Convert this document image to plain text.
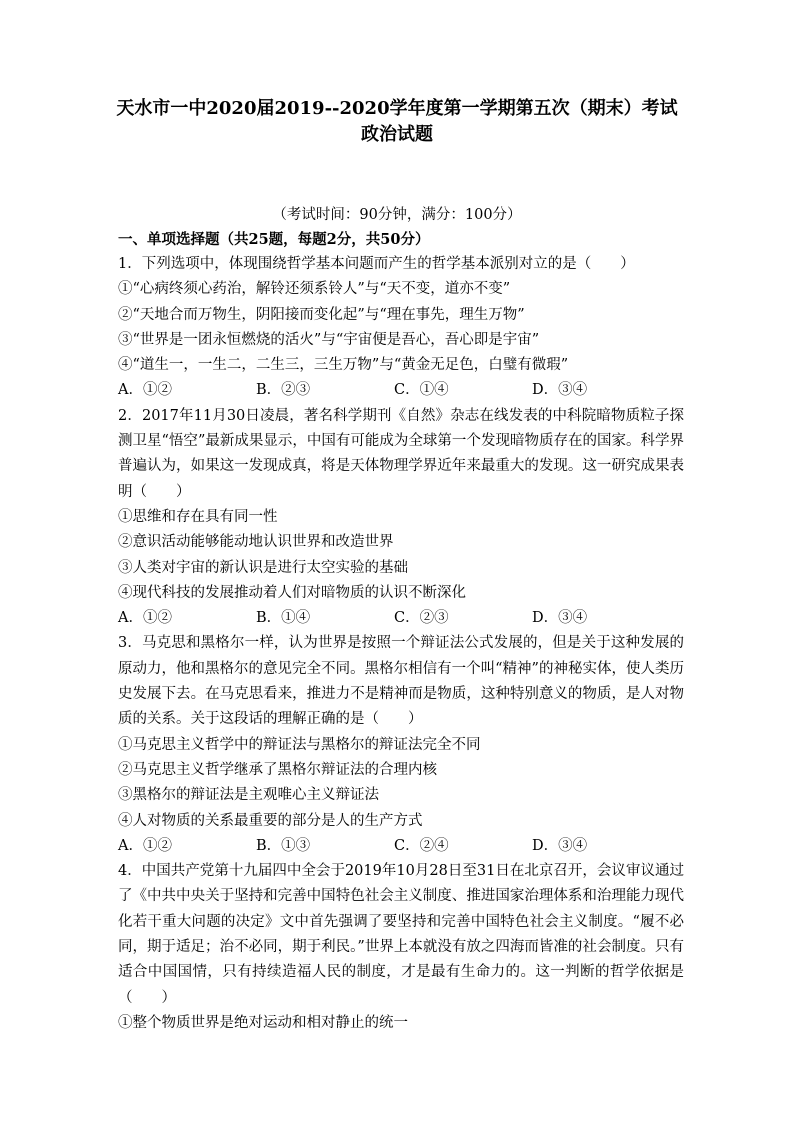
天水市一中2020届2019--2020学年度第一学期第五次（期末）考试
政治试题
（考试时间：90分钟，满分：100分）
一、单项选择题（共25题，每题2分，共50分）
1．下列选项中，体现围绕哲学基本问题而产生的哲学基本派别对立的是（　　）
①“心病终须心药治，解铃还须系铃人”与“天不变，道亦不变”
②“天地合而万物生，阴阳接而变化起”与“理在事先，理生万物”
③“世界是一团永恒燃烧的活火”与“宇宙便是吾心，吾心即是宇宙”
④“道生一，一生二，二生三，三生万物”与“黄金无足色，白璧有微瑕”
A．①②	B．②③	C．①④	D．③④
2．2017年11月30日凌晨，著名科学期刊《自然》杂志在线发表的中科院暗物质粒子探测卫星“悟空”最新成果显示，中国有可能成为全球第一个发现暗物质存在的国家。科学界普遍认为，如果这一发现成真，将是天体物理学界近年来最重大的发现。这一研究成果表明（　　）
①思维和存在具有同一性
②意识活动能够能动地认识世界和改造世界
③人类对宇宙的新认识是进行太空实验的基础
④现代科技的发展推动着人们对暗物质的认识不断深化
A．①②	B．①④	C．②③	D．③④
3．马克思和黑格尔一样，认为世界是按照一个辩证法公式发展的，但是关于这种发展的原动力，他和黑格尔的意见完全不同。黑格尔相信有一个叫“精神”的神秘实体，使人类历史发展下去。在马克思看来，推进力不是精神而是物质，这种特别意义的物质，是人对物质的关系。关于这段话的理解正确的是（　　）
①马克思主义哲学中的辩证法与黑格尔的辩证法完全不同
②马克思主义哲学继承了黑格尔辩证法的合理内核
③黑格尔的辩证法是主观唯心主义辩证法
④人对物质的关系最重要的部分是人的生产方式
A．①②	B．①③	C．②④	D．③④
4．中国共产党第十九届四中全会于2019年10月28日至31日在北京召开，会议审议通过了《中共中央关于坚持和完善中国特色社会主义制度、推进国家治理体系和治理能力现代化若干重大问题的决定》文中首先强调了要坚持和完善中国特色社会主义制度。“履不必同，期于适足；治不必同，期于利民。”世界上本就没有放之四海而皆准的社会制度。只有适合中国国情，只有持续造福人民的制度，才是最有生命力的。这一判断的哲学依据是（　　）
①整个物质世界是绝对运动和相对静止的统一
